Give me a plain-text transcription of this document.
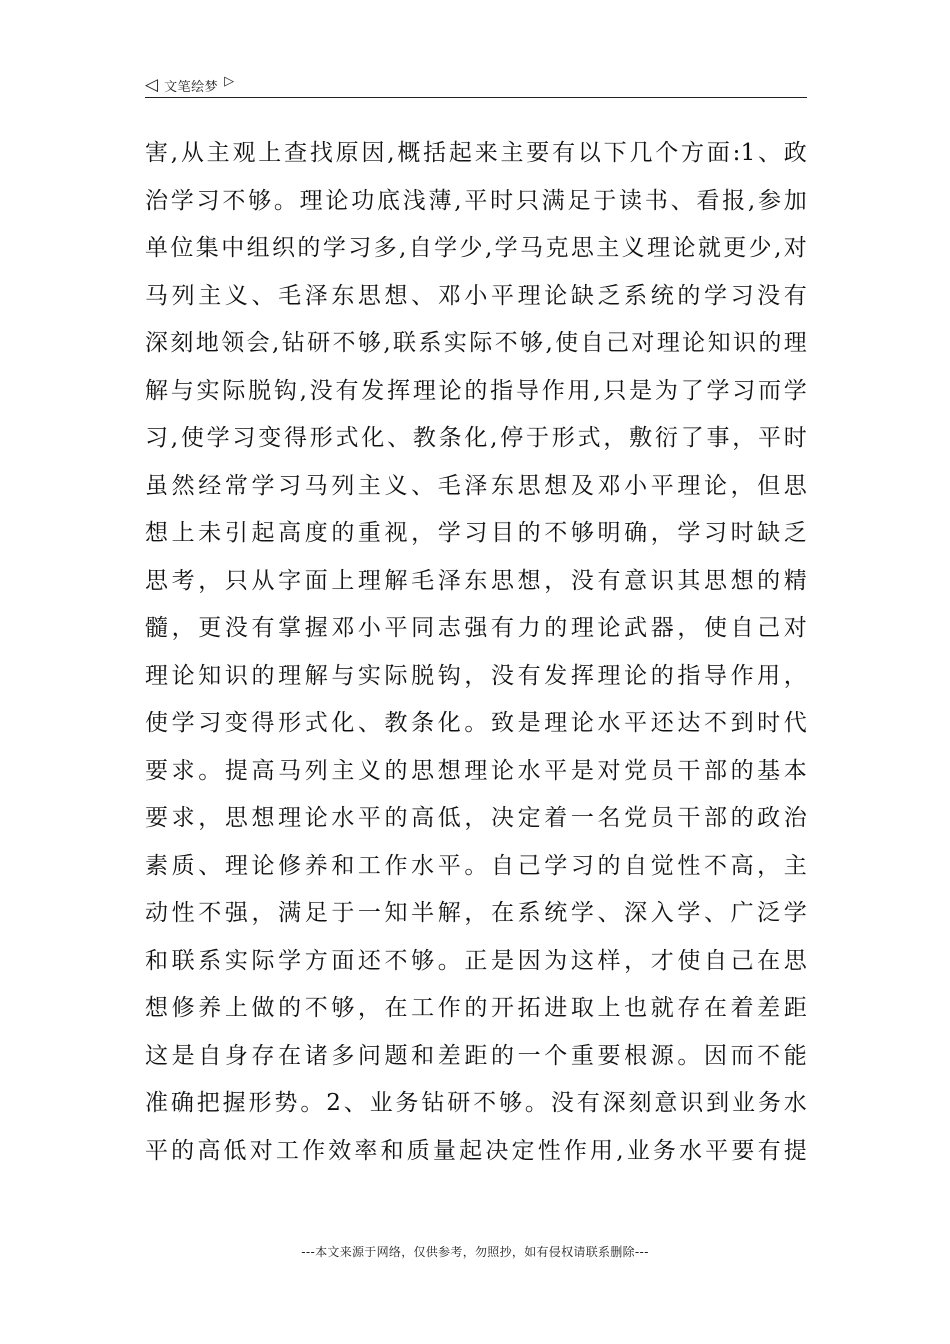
◁ 文笔绘梦 ▷
害,从主观上查找原因,概括起来主要有以下几个方面:1、政
治学习不够。理论功底浅薄,平时只满足于读书、看报,参加
单位集中组织的学习多,自学少,学马克思主义理论就更少,对
马列主义、毛泽东思想、邓小平理论缺乏系统的学习没有
深刻地领会,钻研不够,联系实际不够,使自己对理论知识的理
解与实际脱钩,没有发挥理论的指导作用,只是为了学习而学
习,使学习变得形式化、教条化,停于形式，敷衍了事，平时
虽然经常学习马列主义、毛泽东思想及邓小平理论，但思
想上未引起高度的重视，学习目的不够明确，学习时缺乏
思考，只从字面上理解毛泽东思想，没有意识其思想的精
髓，更没有掌握邓小平同志强有力的理论武器，使自己对
理论知识的理解与实际脱钩，没有发挥理论的指导作用，
使学习变得形式化、教条化。致是理论水平还达不到时代
要求。提高马列主义的思想理论水平是对党员干部的基本
要求，思想理论水平的高低，决定着一名党员干部的政治
素质、理论修养和工作水平。自己学习的自觉性不高，主
动性不强，满足于一知半解，在系统学、深入学、广泛学
和联系实际学方面还不够。正是因为这样，才使自己在思
想修养上做的不够，在工作的开拓进取上也就存在着差距
这是自身存在诸多问题和差距的一个重要根源。因而不能
准确把握形势。2、业务钻研不够。没有深刻意识到业务水
平的高低对工作效率和质量起决定性作用,业务水平要有提
---本文来源于网络，仅供参考，勿照抄，如有侵权请联系删除---
